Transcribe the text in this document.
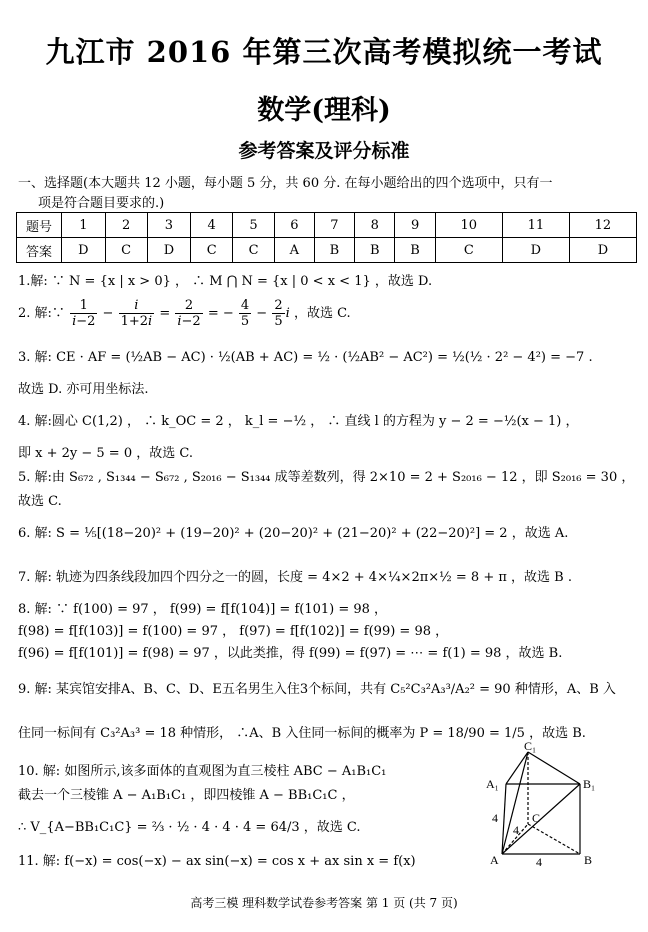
九江市 2016 年第三次高考模拟统一考试
数学(理科)
参考答案及评分标准
一、选择题(本大题共 12 小题，每小题 5 分，共 60 分. 在每小题给出的四个选项中，只有一
项是符合题目要求的.)
题号	1	2	3	4	5	6	7	8	9	10	11	12
答案	D	C	D	C	C	A	B	B	B	C	D	D
1.解: ∵ N = {x | x > 0} ， ∴ M ⋂ N = {x | 0 < x < 1} ，故选 D.
2. 解:∵ $\frac{1}{i-2} - \frac{i}{1+2i} = \frac{2}{i-2}$ = − $\frac{4}{5} - \frac{2}{5}$ i ，故选 C.
3. 解: CE · AF = (½AB − AC) · ½(AB + AC) = ½ · (½AB² − AC²) = ½(½ · 2² − 4²) = −7 .
故选 D. 亦可用坐标法.
4. 解:圆心 C(1,2) ， ∴ k_OC = 2 ， k_l = −½ ， ∴ 直线 l 的方程为 y − 2 = −½(x − 1) ，
即 x + 2y − 5 = 0 ，故选 C.
5. 解:由 S₆₇₂ , S₁₃₄₄ − S₆₇₂ , S₂₀₁₆ − S₁₃₄₄ 成等差数列，得 2×10 = 2 + S₂₀₁₆ − 12 ，即 S₂₀₁₆ = 30 ，
故选 C.
6. 解: S = ⅕[(18−20)² + (19−20)² + (20−20)² + (21−20)² + (22−20)²] = 2 ，故选 A.
7. 解: 轨迹为四条线段加四个四分之一的圆，长度 = 4×2 + 4×¼×2π×½ = 8 + π ，故选 B .
8. 解: ∵ f(100) = 97 ， f(99) = f[f(104)] = f(101) = 98 ，
f(98) = f[f(103)] = f(100) = 97 ， f(97) = f[f(102)] = f(99) = 98 ，
f(96) = f[f(101)] = f(98) = 97 ，以此类推，得 f(99) = f(97) = ⋯ = f(1) = 98 ，故选 B.
9. 解: 某宾馆安排A、B、C、D、E五名男生入住3个标间，共有 C₅²C₃²A₃³/A₂² = 90 种情形，A、B 入
住同一标间有 C₃²A₃³ = 18 种情形， ∴A、B 入住同一标间的概率为 P = 18/90 = 1/5 ，故选 B.
10. 解: 如图所示,该多面体的直观图为直三棱柱 ABC − A₁B₁C₁
截去一个三棱锥 A − A₁B₁C₁ ，即四棱锥 A − BB₁C₁C ，
∴ V_{A−BB₁C₁C} = ⅔ · ½ · 4 · 4 · 4 = 64/3 ，故选 C.
11. 解: f(−x) = cos(−x) − ax sin(−x) = cos x + ax sin x = f(x)
C₁
A₁	B₁
C
A	B
4
4
4
高考三模 理科数学试卷参考答案 第 1 页 (共 7 页)
